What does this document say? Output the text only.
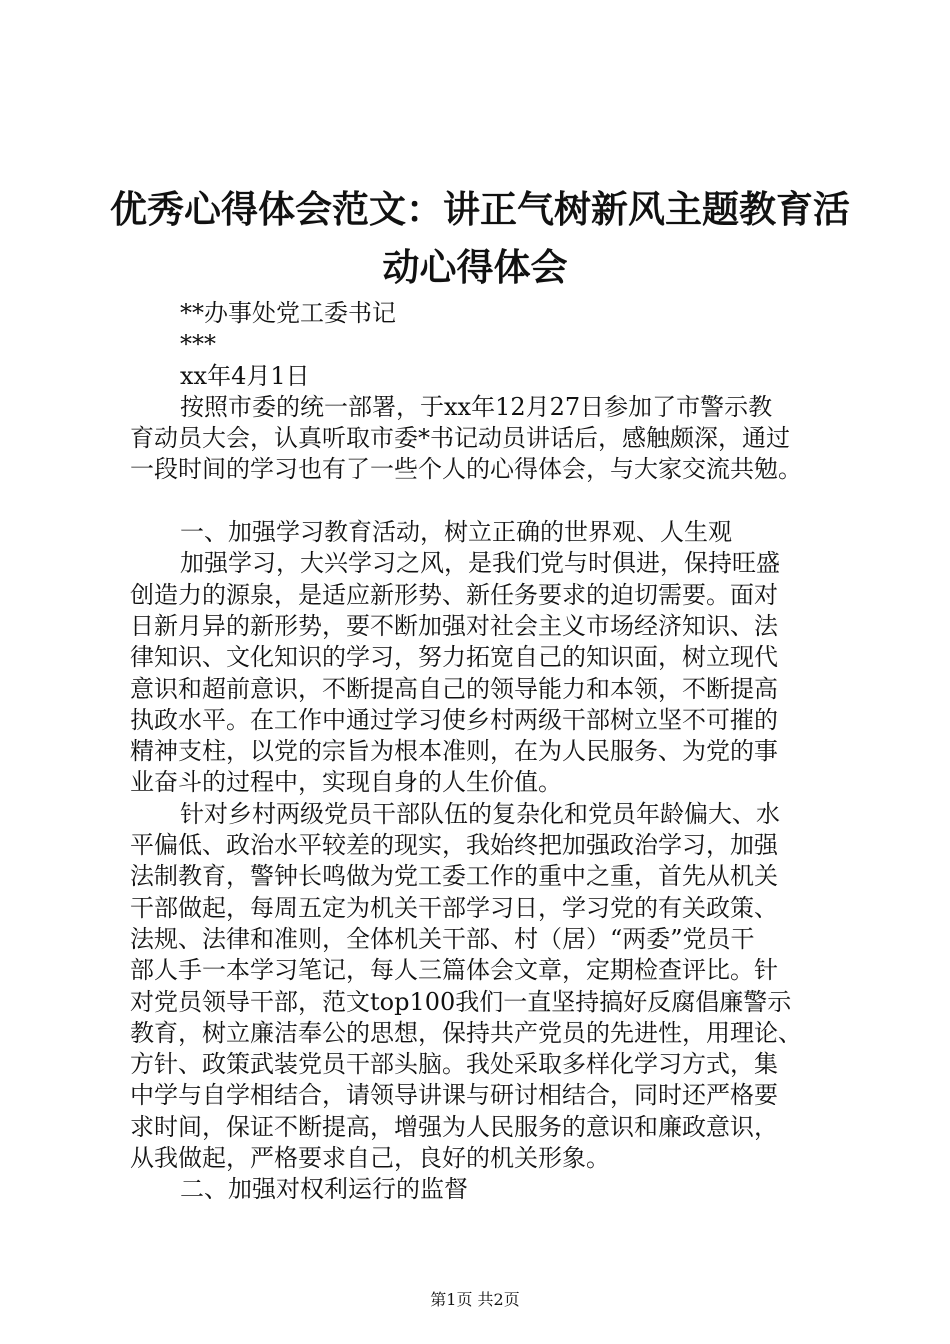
优秀心得体会范文：讲正气树新风主题教育活
动心得体会
**办事处党工委书记
***
xx年4月1日
按照市委的统一部署，于xx年12月27日参加了市警示教
育动员大会，认真听取市委*书记动员讲话后，感触颇深，通过
一段时间的学习也有了一些个人的心得体会，与大家交流共勉。
一、加强学习教育活动，树立正确的世界观、人生观
加强学习，大兴学习之风，是我们党与时俱进，保持旺盛
创造力的源泉，是适应新形势、新任务要求的迫切需要。面对
日新月异的新形势，要不断加强对社会主义市场经济知识、法
律知识、文化知识的学习，努力拓宽自己的知识面，树立现代
意识和超前意识，不断提高自己的领导能力和本领，不断提高
执政水平。在工作中通过学习使乡村两级干部树立坚不可摧的
精神支柱，以党的宗旨为根本准则，在为人民服务、为党的事
业奋斗的过程中，实现自身的人生价值。
针对乡村两级党员干部队伍的复杂化和党员年龄偏大、水
平偏低、政治水平较差的现实，我始终把加强政治学习，加强
法制教育，警钟长鸣做为党工委工作的重中之重，首先从机关
干部做起，每周五定为机关干部学习日，学习党的有关政策、
法规、法律和准则，全体机关干部、村（居）“两委”党员干
部人手一本学习笔记，每人三篇体会文章，定期检查评比。针
对党员领导干部，范文top100我们一直坚持搞好反腐倡廉警示
教育，树立廉洁奉公的思想，保持共产党员的先进性，用理论、
方针、政策武装党员干部头脑。我处采取多样化学习方式，集
中学与自学相结合，请领导讲课与研讨相结合，同时还严格要
求时间，保证不断提高，增强为人民服务的意识和廉政意识，
从我做起，严格要求自己，良好的机关形象。
二、加强对权利运行的监督
第1页 共2页
